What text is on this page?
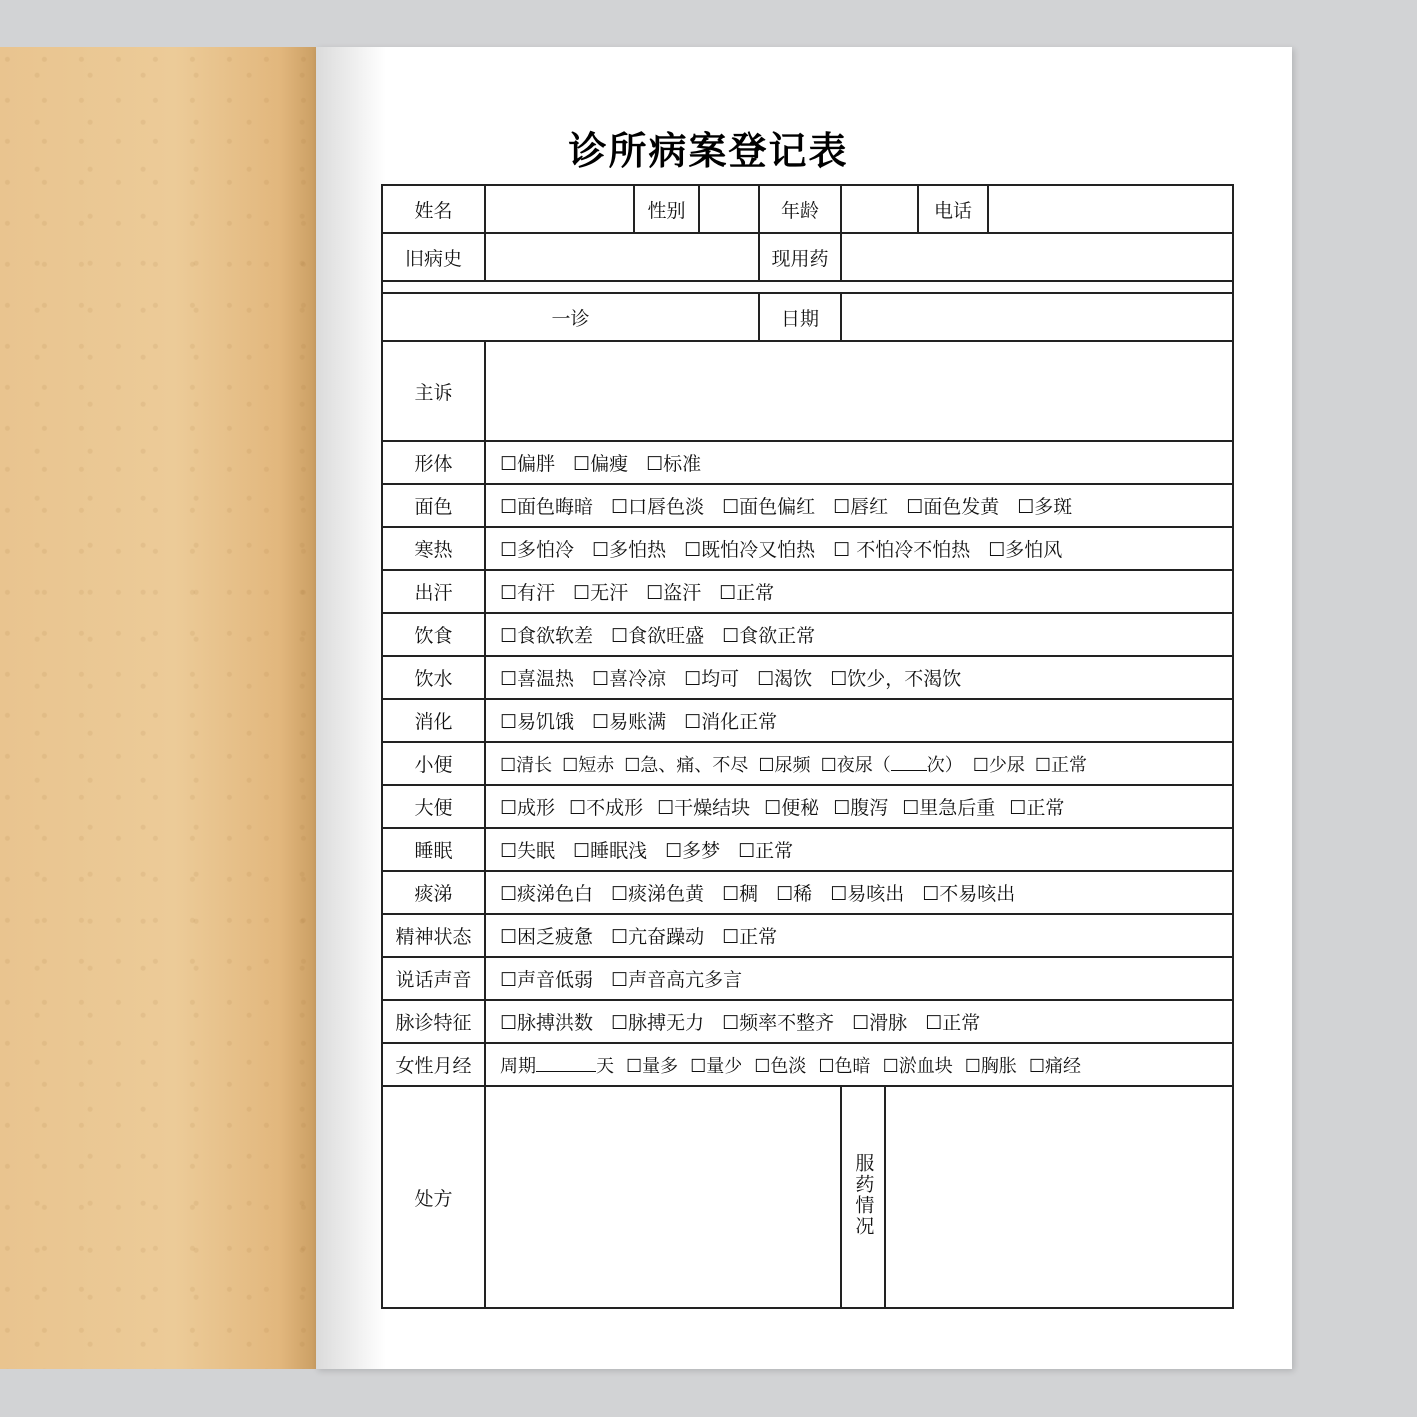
诊所病案登记表
姓名		性别		年龄			电话	
旧病史				现用药				

一诊				日期				
主诉								
形体	☐偏胖 ☐偏瘦 ☐标准							
面色	☐面色晦暗 ☐口唇色淡 ☐面色偏红 ☐唇红 ☐面色发黄 ☐多斑							
寒热	☐多怕冷 ☐多怕热 ☐既怕冷又怕热 ☐ 不怕冷不怕热 ☐多怕风							
出汗	☐有汗 ☐无汗 ☐盗汗 ☐正常							
饮食	☐食欲软差 ☐食欲旺盛 ☐食欲正常							
饮水	☐喜温热 ☐喜冷凉 ☐均可 ☐渴饮 ☐饮少，不渴饮							
消化	☐易饥饿 ☐易账满 ☐消化正常							
小便	☐清长 ☐短赤 ☐急、痛、不尽 ☐尿频 ☐夜尿（ 次） ☐少尿 ☐正常							
大便	☐成形 ☐不成形 ☐干燥结块 ☐便秘 ☐腹泻 ☐里急后重 ☐正常							
睡眠	☐失眠 ☐睡眠浅 ☐多梦 ☐正常							
痰涕	☐痰涕色白 ☐痰涕色黄 ☐稠 ☐稀 ☐易咳出 ☐不易咳出							
精神状态	☐困乏疲惫 ☐亢奋躁动 ☐正常							
说话声音	☐声音低弱 ☐声音高亢多言							
脉诊特征	☐脉搏洪数 ☐脉搏无力 ☐频率不整齐 ☐滑脉 ☐正常							
女性月经	周期 天 ☐量多 ☐量少 ☐色淡 ☐色暗 ☐淤血块 ☐胸胀 ☐痛经							
处方					服药情况			
